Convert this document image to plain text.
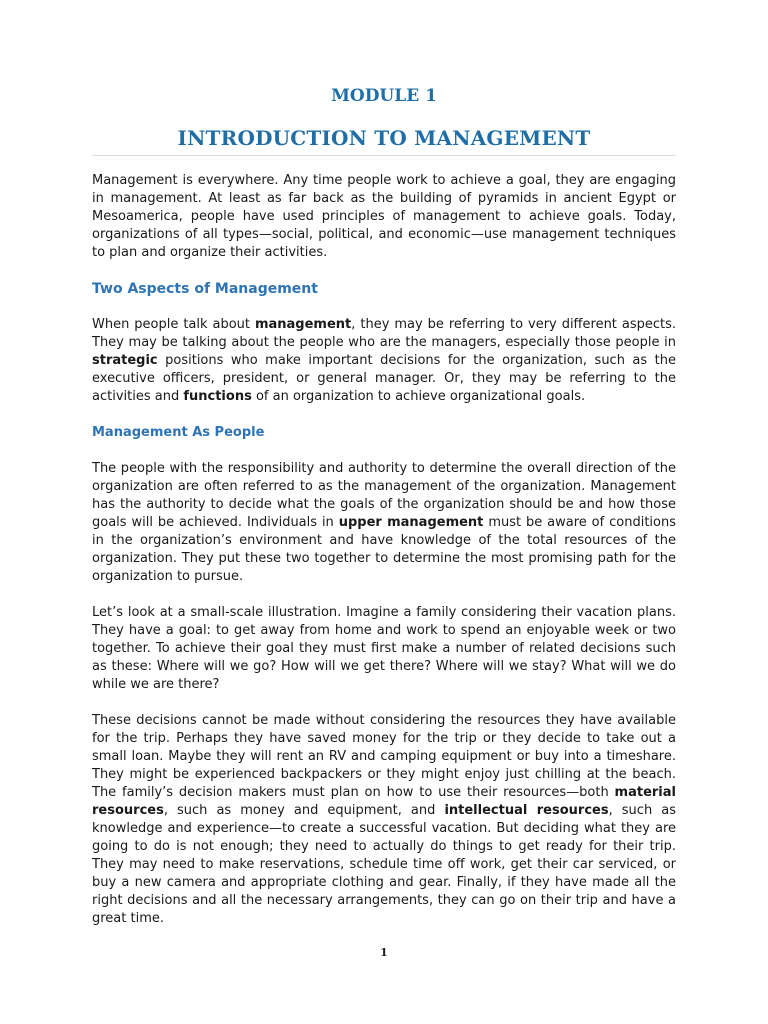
MODULE 1
INTRODUCTION TO MANAGEMENT

Management is everywhere. Any time people work to achieve a goal, they are engaging in management. At least as far back as the building of pyramids in ancient Egypt or Mesoamerica, people have used principles of management to achieve goals. Today, organizations of all types—social, political, and economic—use management techniques to plan and organize their activities.

Two Aspects of Management

When people talk about management, they may be referring to very different aspects. They may be talking about the people who are the managers, especially those people in strategic positions who make important decisions for the organization, such as the executive officers, president, or general manager. Or, they may be referring to the activities and functions of an organization to achieve organizational goals.

Management As People

The people with the responsibility and authority to determine the overall direction of the organization are often referred to as the management of the organization. Management has the authority to decide what the goals of the organization should be and how those goals will be achieved. Individuals in upper management must be aware of conditions in the organization’s environment and have knowledge of the total resources of the organization. They put these two together to determine the most promising path for the organization to pursue.

Let’s look at a small-scale illustration. Imagine a family considering their vacation plans. They have a goal: to get away from home and work to spend an enjoyable week or two together. To achieve their goal they must first make a number of related decisions such as these: Where will we go? How will we get there? Where will we stay? What will we do while we are there?

These decisions cannot be made without considering the resources they have available for the trip. Perhaps they have saved money for the trip or they decide to take out a small loan. Maybe they will rent an RV and camping equipment or buy into a timeshare. They might be experienced backpackers or they might enjoy just chilling at the beach. The family’s decision makers must plan on how to use their resources—both material resources, such as money and equipment, and intellectual resources, such as knowledge and experience—to create a successful vacation. But deciding what they are going to do is not enough; they need to actually do things to get ready for their trip. They may need to make reservations, schedule time off work, get their car serviced, or buy a new camera and appropriate clothing and gear. Finally, if they have made all the right decisions and all the necessary arrangements, they can go on their trip and have a great time.

1
